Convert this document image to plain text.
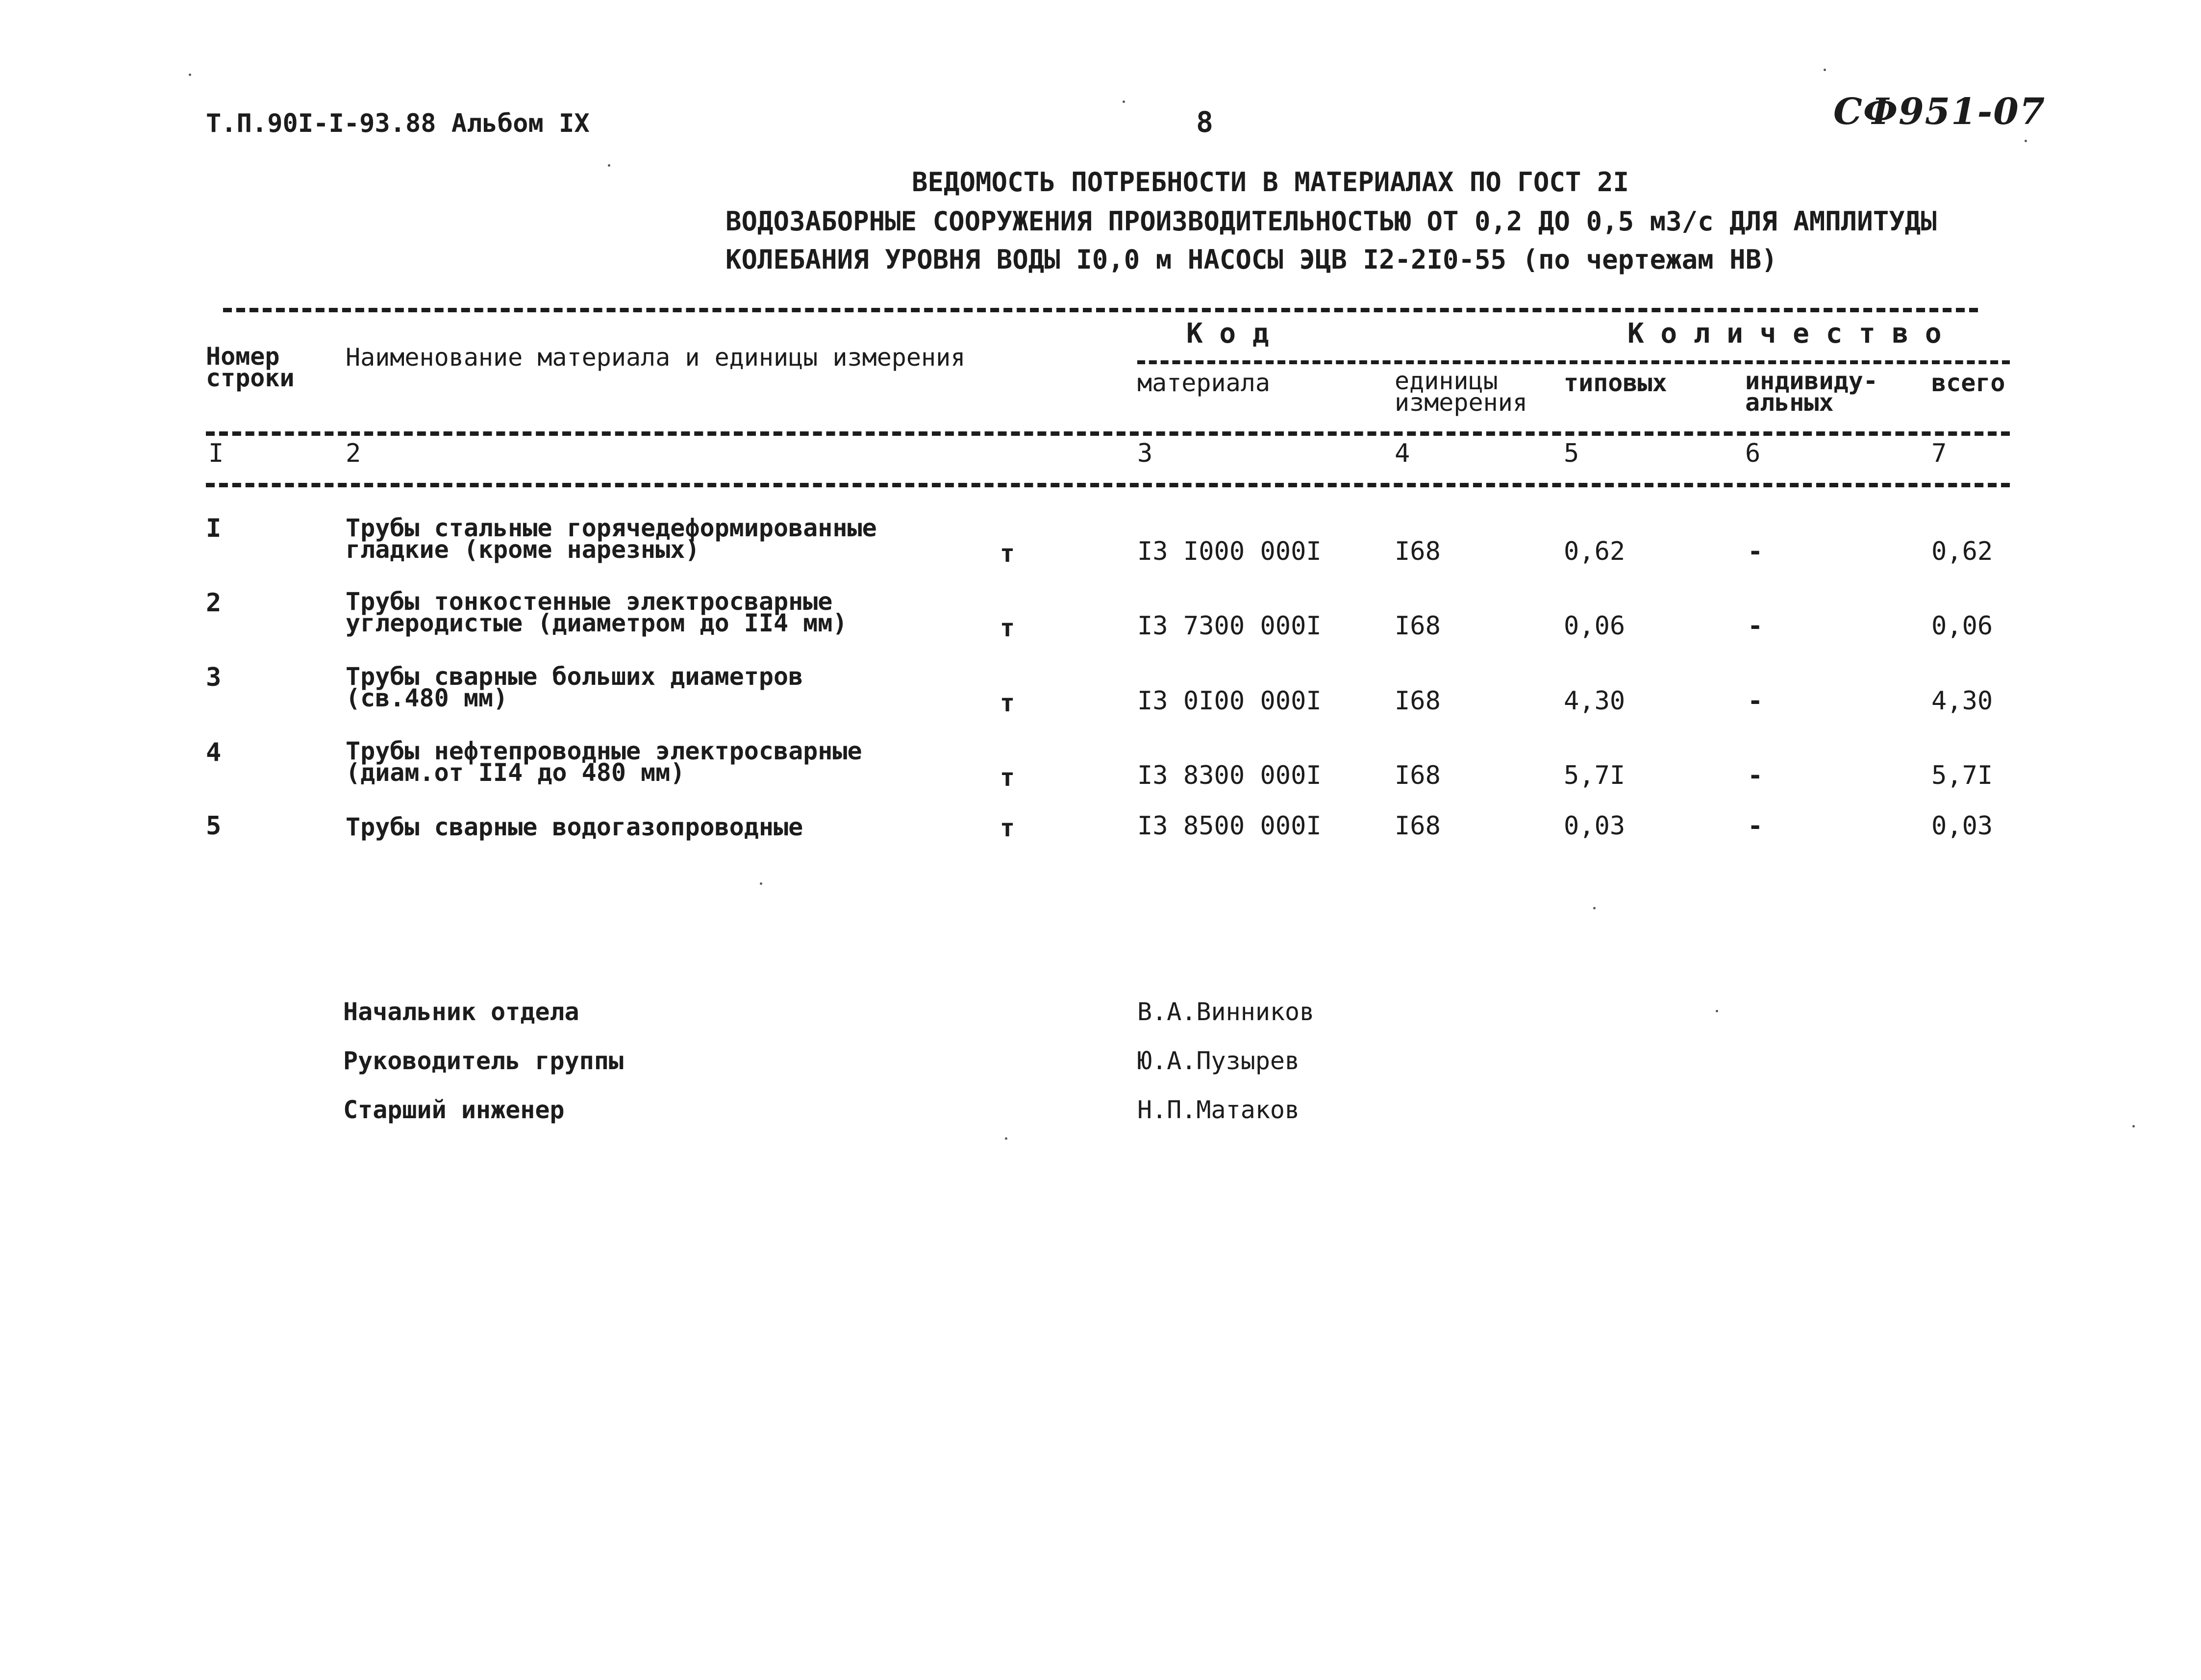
Т.П.90I-I-93.88 Альбом IX	8	СФ951-07
ВЕДОМОСТЬ ПОТРЕБНОСТИ В МАТЕРИАЛАХ ПО ГОСТ 2I
ВОДОЗАБОРНЫЕ СООРУЖЕНИЯ ПРОИЗВОДИТЕЛЬНОСТЬЮ ОТ 0,2 ДО 0,5 м3/с ДЛЯ АМПЛИТУДЫ
КОЛЕБАНИЯ УРОВНЯ ВОДЫ I0,0 м НАСОСЫ ЭЦВ I2-2I0-55 (по чертежам НВ)
Номер
строки
Наименование материала и единицы измерения
К о д	К о л и ч е с т в о
материала	единицы
измерения
типовых	индивиду-
альных
всего
I	2	3	4	5	6	7
I	Трубы стальные горячедеформированные
гладкие (кроме нарезных)	т	I3 I000 000I	I68	0,62	-	0,62
2	Трубы тонкостенные электросварные
углеродистые (диаметром до II4 мм)	т	I3 7300 000I	I68	0,06	-	0,06
3	Трубы сварные больших диаметров
(св.480 мм)	т	I3 0I00 000I	I68	4,30	-	4,30
4	Трубы нефтепроводные электросварные
(диам.от II4 до 480 мм)	т	I3 8300 000I	I68	5,7I	-	5,7I
5	Трубы сварные водогазопроводные	т	I3 8500 000I	I68	0,03	-	0,03
Начальник отдела	В.А.Винников
Руководитель группы	Ю.А.Пузырев
Старший инженер	Н.П.Матаков
